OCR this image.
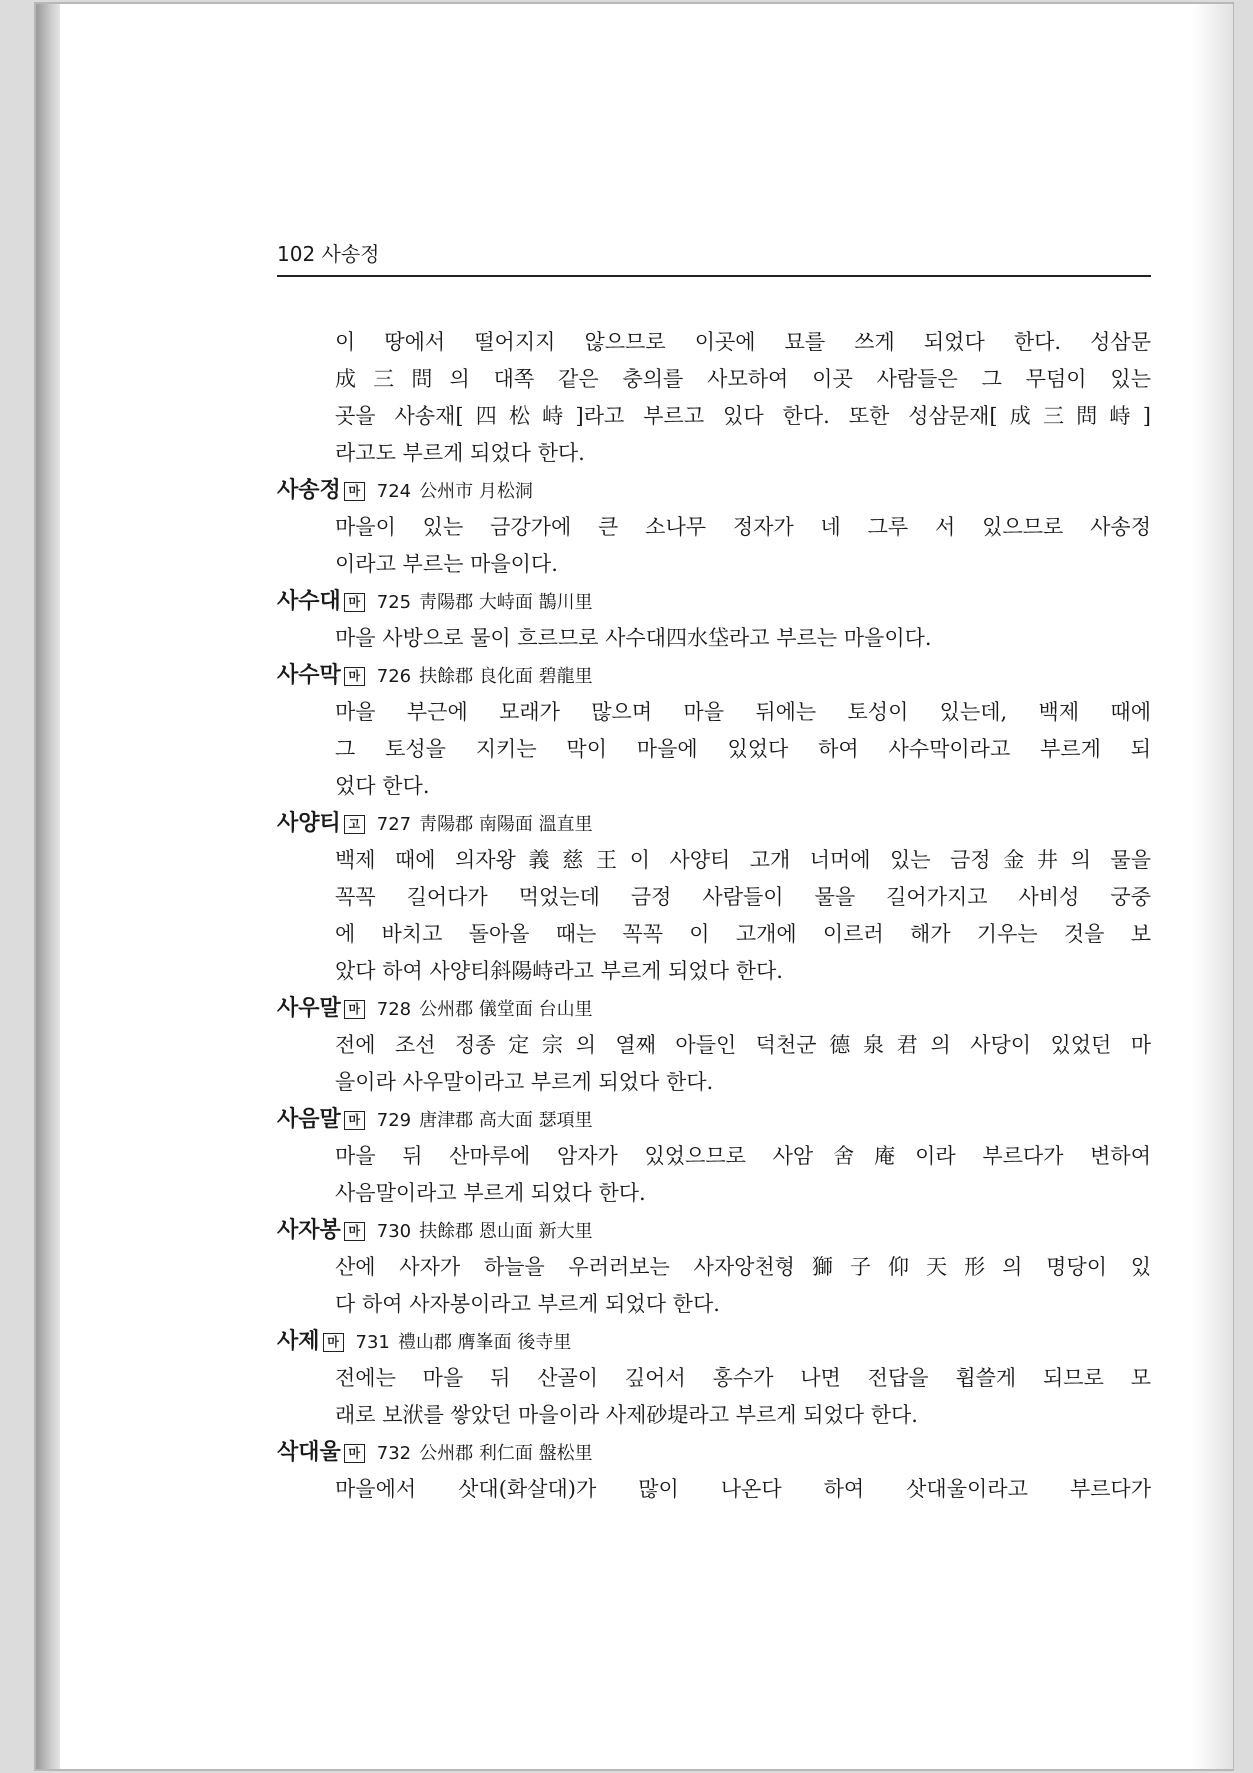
102 사송정
이 땅에서 떨어지지 않으므로 이곳에 묘를 쓰게 되었다 한다. 성삼문
成三問의 대쪽 같은 충의를 사모하여 이곳 사람들은 그 무덤이 있는
곳을 사송재[四松峙]라고 부르고 있다 한다. 또한 성삼문재[成三問峙]
라고도 부르게 되었다 한다.
사송정 마 724 公州市 月松洞
마을이 있는 금강가에 큰 소나무 정자가 네 그루 서 있으므로 사송정
이라고 부르는 마을이다.
사수대 마 725 靑陽郡 大峙面 鵲川里
마을 사방으로 물이 흐르므로 사수대四水垈라고 부르는 마을이다.
사수막 마 726 扶餘郡 良化面 碧龍里
마을 부근에 모래가 많으며 마을 뒤에는 토성이 있는데, 백제 때에
그 토성을 지키는 막이 마을에 있었다 하여 사수막이라고 부르게 되
었다 한다.
사양티 고 727 靑陽郡 南陽面 溫直里
백제 때에 의자왕義慈王이 사양티 고개 너머에 있는 금정金井의 물을
꼭꼭 길어다가 먹었는데 금정 사람들이 물을 길어가지고 사비성 궁중
에 바치고 돌아올 때는 꼭꼭 이 고개에 이르러 해가 기우는 것을 보
았다 하여 사양티斜陽峙라고 부르게 되었다 한다.
사우말 마 728 公州郡 儀堂面 台山里
전에 조선 정종定宗의 열째 아들인 덕천군德泉君의 사당이 있었던 마
을이라 사우말이라고 부르게 되었다 한다.
사음말 마 729 唐津郡 高大面 瑟項里
마을 뒤 산마루에 암자가 있었으므로 사암舍庵이라 부르다가 변하여
사음말이라고 부르게 되었다 한다.
사자봉 마 730 扶餘郡 恩山面 新大里
산에 사자가 하늘을 우러러보는 사자앙천형獅子仰天形의 명당이 있
다 하여 사자봉이라고 부르게 되었다 한다.
사제 마 731 禮山郡 膺峯面 後寺里
전에는 마을 뒤 산골이 깊어서 홍수가 나면 전답을 휩쓸게 되므로 모
래로 보洑를 쌓았던 마을이라 사제砂堤라고 부르게 되었다 한다.
삭대울 마 732 公州郡 利仁面 盤松里
마을에서 삿대(화살대)가 많이 나온다 하여 삿대울이라고 부르다가
